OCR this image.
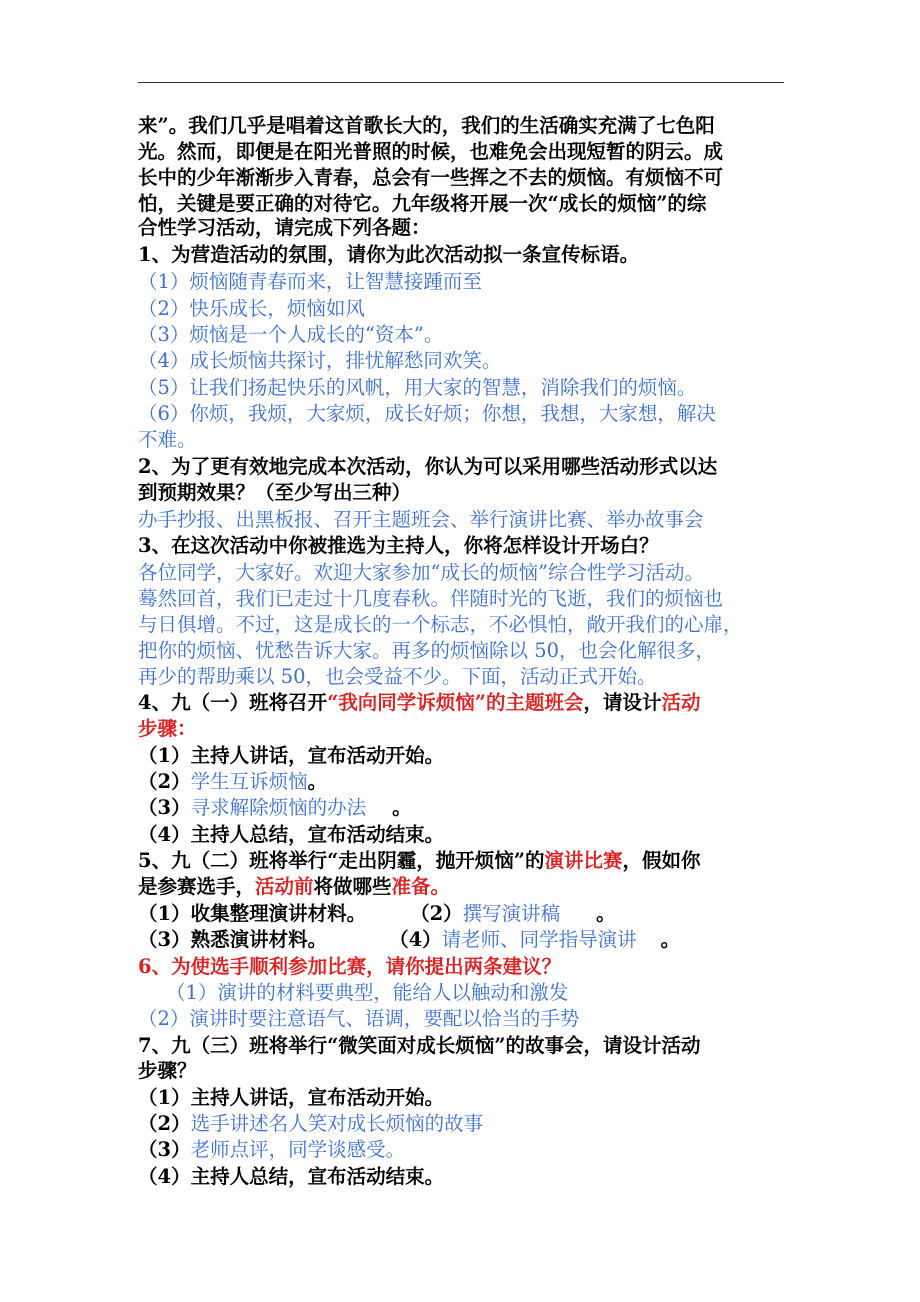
来”。我们几乎是唱着这首歌长大的，我们的生活确实充满了七色阳
光。然而，即便是在阳光普照的时候，也难免会出现短暂的阴云。成
长中的少年渐渐步入青春，总会有一些挥之不去的烦恼。有烦恼不可
怕，关键是要正确的对待它。九年级将开展一次“成长的烦恼”的综
合性学习活动，请完成下列各题：
1、为营造活动的氛围，请你为此次活动拟一条宣传标语。
（1）烦恼随青春而来，让智慧接踵而至
（2）快乐成长，烦恼如风
（3）烦恼是一个人成长的“资本”。
（4）成长烦恼共探讨，排忧解愁同欢笑。
（5）让我们扬起快乐的风帆，用大家的智慧，消除我们的烦恼。
（6）你烦，我烦，大家烦，成长好烦；你想，我想，大家想，解决
不难。
2、为了更有效地完成本次活动，你认为可以采用哪些活动形式以达
到预期效果？（至少写出三种）
办手抄报、出黑板报、召开主题班会、举行演讲比赛、举办故事会
3、在这次活动中你被推选为主持人，你将怎样设计开场白？
各位同学，大家好。欢迎大家参加“成长的烦恼”综合性学习活动。
蓦然回首，我们已走过十几度春秋。伴随时光的飞逝，我们的烦恼也
与日俱增。不过，这是成长的一个标志，不必惧怕，敞开我们的心扉，
把你的烦恼、忧愁告诉大家。再多的烦恼除以 50，也会化解很多，
再少的帮助乘以 50，也会受益不少。下面，活动正式开始。
4、九（一）班将召开“我向同学诉烦恼”的主题班会，请设计活动
步骤：
（1）主持人讲话，宣布活动开始。
（2）学生互诉烦恼。
（3）寻求解除烦恼的办法 。
（4）主持人总结，宣布活动结束。
5、九（二）班将举行“走出阴霾，抛开烦恼”的演讲比赛，假如你
是参赛选手，活动前将做哪些准备。
（1）收集整理演讲材料。 （2）撰写演讲稿 。
（3）熟悉演讲材料。	（4）请老师、同学指导演讲 。
6、为使选手顺利参加比赛，请你提出两条建议？
（1）演讲的材料要典型，能给人以触动和激发
（2）演讲时要注意语气、语调，要配以恰当的手势
7、九（三）班将举行“微笑面对成长烦恼”的故事会，请设计活动
步骤？
（1）主持人讲话，宣布活动开始。
（2）选手讲述名人笑对成长烦恼的故事
（3）老师点评，同学谈感受。
（4）主持人总结，宣布活动结束。
